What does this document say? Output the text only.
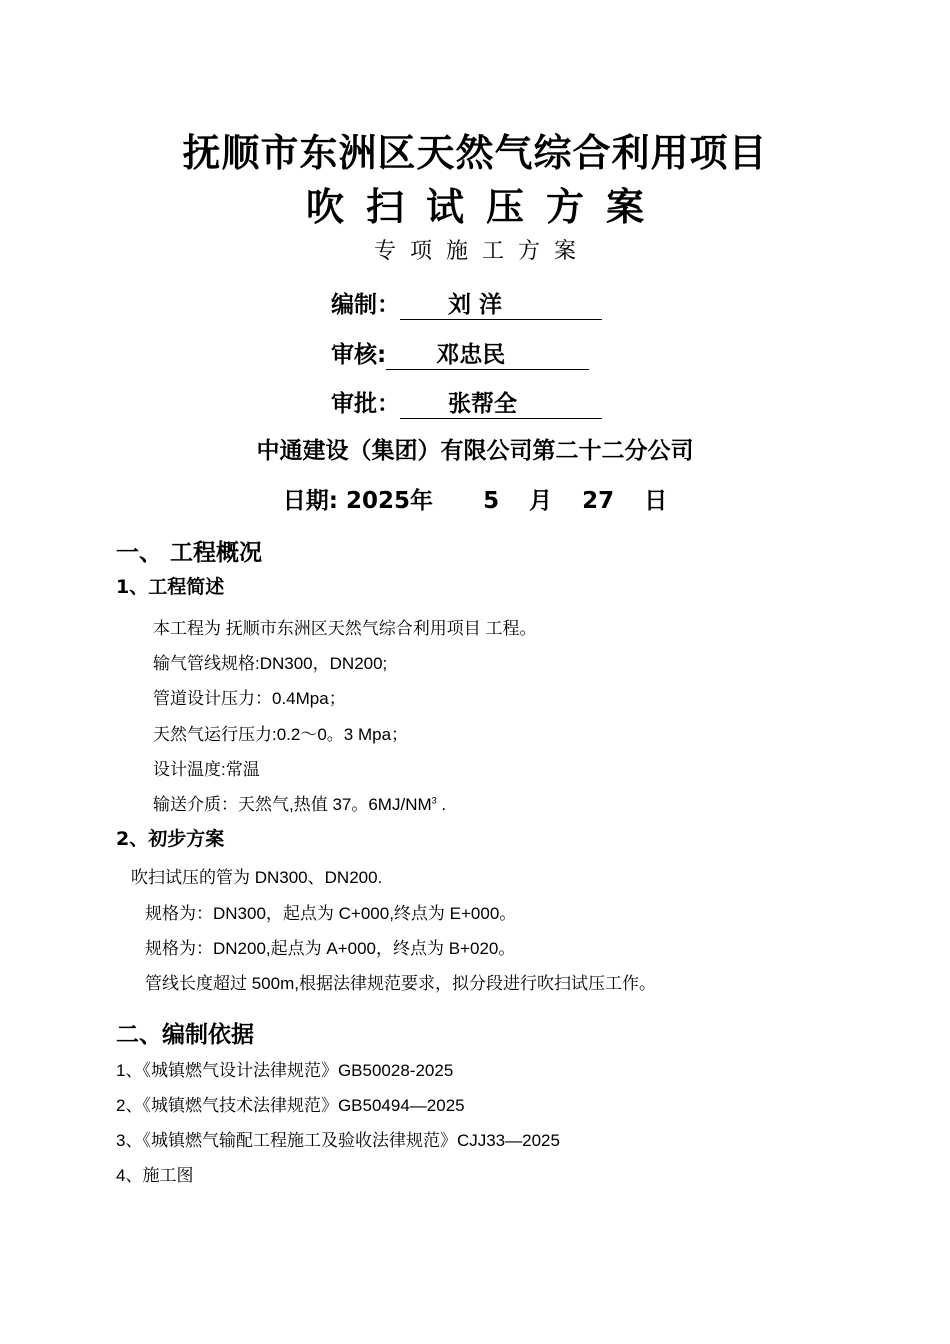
抚顺市东洲区天然气综合利用项目
吹扫试压方案
专项施工方案
编制： 刘 洋
审核: 邓忠民
审批： 张帮全
中通建设（集团）有限公司第二十二分公司
日期: 2025年 5 月 27 日
一、 工程概况
1、工程简述
本工程为 抚顺市东洲区天然气综合利用项目 工程。
输气管线规格:DN300，DN200;
管道设计压力：0.4Mpa；
天然气运行压力:0.2～0。3 Mpa；
设计温度:常温
输送介质：天然气,热值 37。$6MJ/NM^3$ .
2、初步方案
吹扫试压的管为 DN300、DN200.
规格为：DN300，起点为 C+000,终点为 E+000。
规格为：DN200,起点为 A+000，终点为 B+020。
管线长度超过 500m,根据法律规范要求，拟分段进行吹扫试压工作。
二、编制依据
1、《城镇燃气设计法律规范》GB50028-2025
2、《城镇燃气技术法律规范》GB50494—2025
3、《城镇燃气输配工程施工及验收法律规范》CJJ33—2025
4、施工图
